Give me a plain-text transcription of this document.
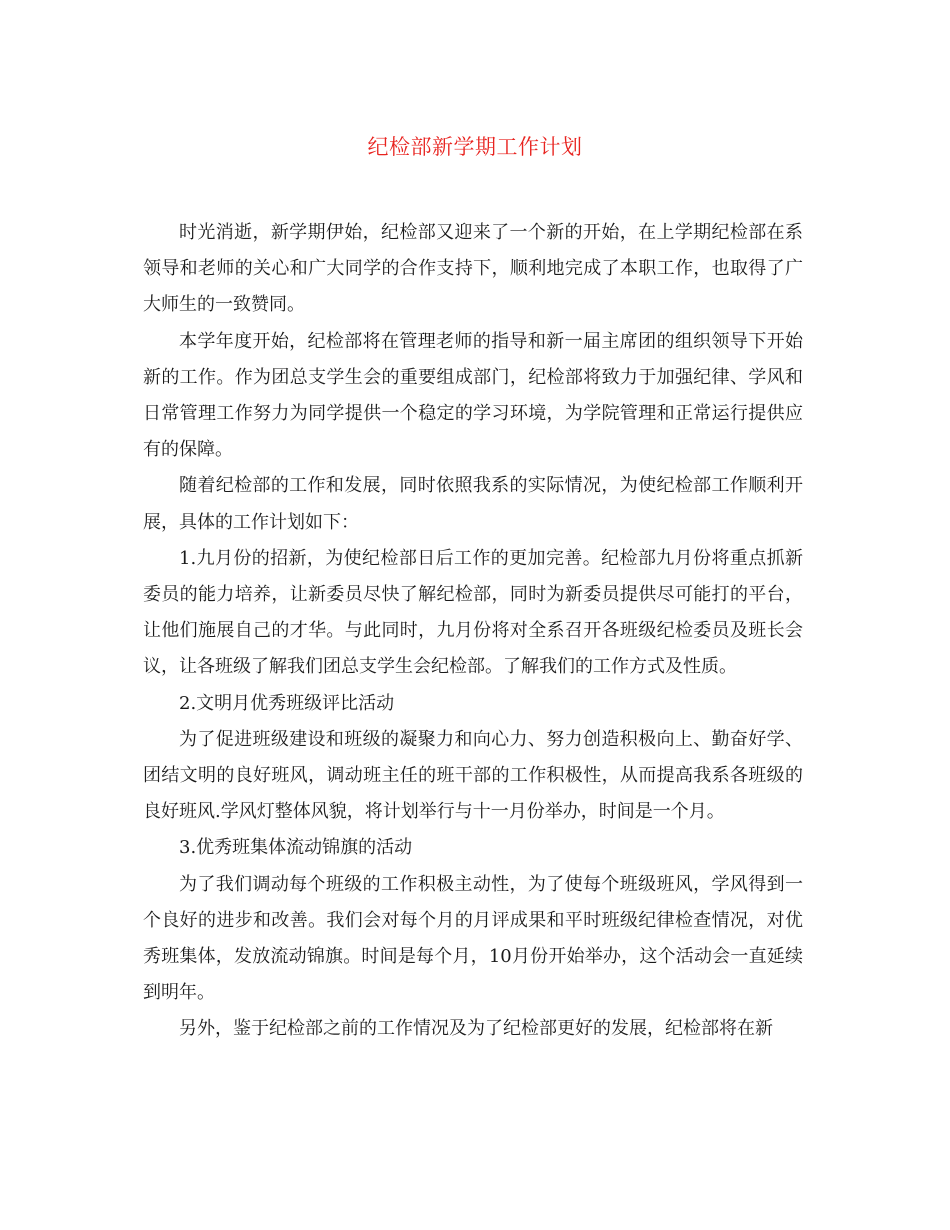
纪检部新学期工作计划

时光消逝，新学期伊始，纪检部又迎来了一个新的开始，在上学期纪检部在系领导和老师的关心和广大同学的合作支持下，顺利地完成了本职工作，也取得了广大师生的一致赞同。

本学年度开始，纪检部将在管理老师的指导和新一届主席团的组织领导下开始新的工作。作为团总支学生会的重要组成部门，纪检部将致力于加强纪律、学风和日常管理工作努力为同学提供一个稳定的学习环境，为学院管理和正常运行提供应有的保障。

随着纪检部的工作和发展，同时依照我系的实际情况，为使纪检部工作顺利开展，具体的工作计划如下：

1.九月份的招新，为使纪检部日后工作的更加完善。纪检部九月份将重点抓新委员的能力培养，让新委员尽快了解纪检部，同时为新委员提供尽可能打的平台，让他们施展自己的才华。与此同时，九月份将对全系召开各班级纪检委员及班长会议，让各班级了解我们团总支学生会纪检部。了解我们的工作方式及性质。

2.文明月优秀班级评比活动

为了促进班级建设和班级的凝聚力和向心力、努力创造积极向上、勤奋好学、团结文明的良好班风，调动班主任的班干部的工作积极性，从而提高我系各班级的良好班风.学风灯整体风貌，将计划举行与十一月份举办，时间是一个月。

3.优秀班集体流动锦旗的活动

为了我们调动每个班级的工作积极主动性，为了使每个班级班风，学风得到一个良好的进步和改善。我们会对每个月的月评成果和平时班级纪律检查情况，对优秀班集体，发放流动锦旗。时间是每个月，10月份开始举办，这个活动会一直延续到明年。

另外，鉴于纪检部之前的工作情况及为了纪检部更好的发展，纪检部将在新
